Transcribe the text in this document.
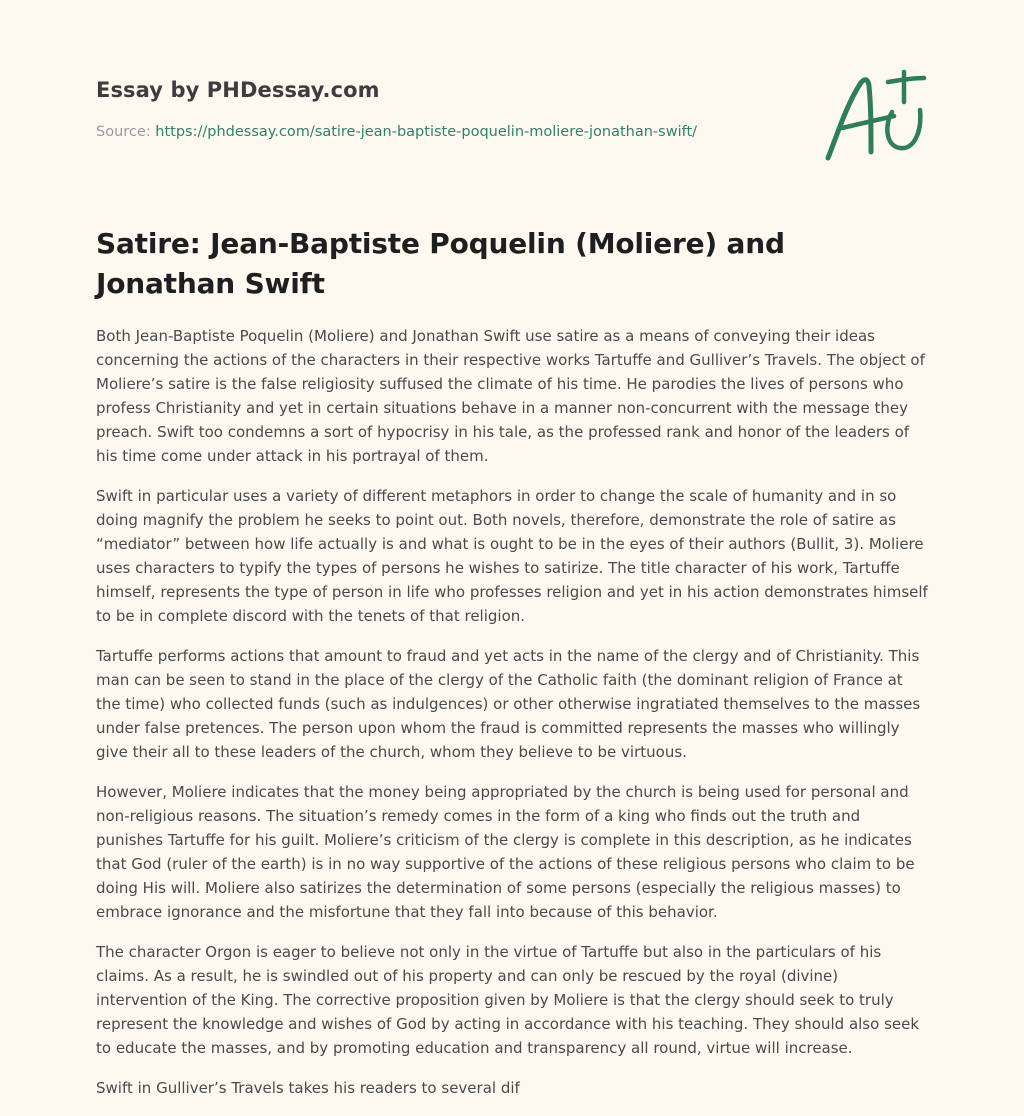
Essay by PHDessay.com
Source: https://phdessay.com/satire-jean-baptiste-poquelin-moliere-jonathan-swift/
Satire: Jean-Baptiste Poquelin (Moliere) and Jonathan Swift

Both Jean-Baptiste Poquelin (Moliere) and Jonathan Swift use satire as a means of conveying their ideas concerning the actions of the characters in their respective works Tartuffe and Gulliver’s Travels. The object of Moliere’s satire is the false religiosity suffused the climate of his time. He parodies the lives of persons who profess Christianity and yet in certain situations behave in a manner non-concurrent with the message they preach. Swift too condemns a sort of hypocrisy in his tale, as the professed rank and honor of the leaders of his time come under attack in his portrayal of them.

Swift in particular uses a variety of different metaphors in order to change the scale of humanity and in so doing magnify the problem he seeks to point out. Both novels, therefore, demonstrate the role of satire as “mediator” between how life actually is and what is ought to be in the eyes of their authors (Bullit, 3). Moliere uses characters to typify the types of persons he wishes to satirize. The title character of his work, Tartuffe himself, represents the type of person in life who professes religion and yet in his action demonstrates himself to be in complete discord with the tenets of that religion.

Tartuffe performs actions that amount to fraud and yet acts in the name of the clergy and of Christianity. This man can be seen to stand in the place of the clergy of the Catholic faith (the dominant religion of France at the time) who collected funds (such as indulgences) or other otherwise ingratiated themselves to the masses under false pretences. The person upon whom the fraud is committed represents the masses who willingly give their all to these leaders of the church, whom they believe to be virtuous.

However, Moliere indicates that the money being appropriated by the church is being used for personal and non-religious reasons. The situation’s remedy comes in the form of a king who finds out the truth and punishes Tartuffe for his guilt. Moliere’s criticism of the clergy is complete in this description, as he indicates that God (ruler of the earth) is in no way supportive of the actions of these religious persons who claim to be doing His will. Moliere also satirizes the determination of some persons (especially the religious masses) to embrace ignorance and the misfortune that they fall into because of this behavior.

The character Orgon is eager to believe not only in the virtue of Tartuffe but also in the particulars of his claims. As a result, he is swindled out of his property and can only be rescued by the royal (divine) intervention of the King. The corrective proposition given by Moliere is that the clergy should seek to truly represent the knowledge and wishes of God by acting in accordance with his teaching. They should also seek to educate the masses, and by promoting education and transparency all round, virtue will increase.

Swift in Gulliver’s Travels takes his readers to several dif
